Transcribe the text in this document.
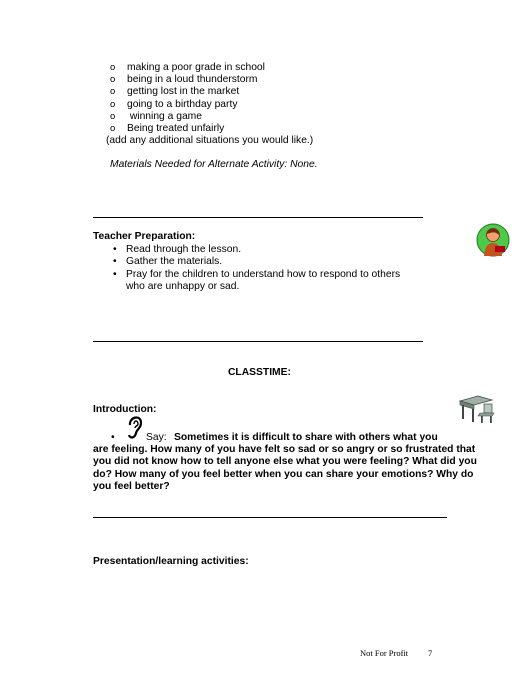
o making a poor grade in school
o being in a loud thunderstorm
o getting lost in the market
o going to a birthday party
o winning a game
o Being treated unfairly
(add any additional situations you would like.)
Materials Needed for Alternate Activity: None.
Teacher Preparation:
• Read through the lesson.
• Gather the materials.
• Pray for the children to understand how to respond to others
who are unhappy or sad.
CLASSTIME:
Introduction:
•	Say: Sometimes it is difficult to share with others what you
are feeling. How many of you have felt so sad or so angry or so frustrated that you did not know how to tell anyone else what you were feeling? What did you do? How many of you feel better when you can share your emotions? Why do you feel better?
Presentation/learning activities:
Not For Profit 7
